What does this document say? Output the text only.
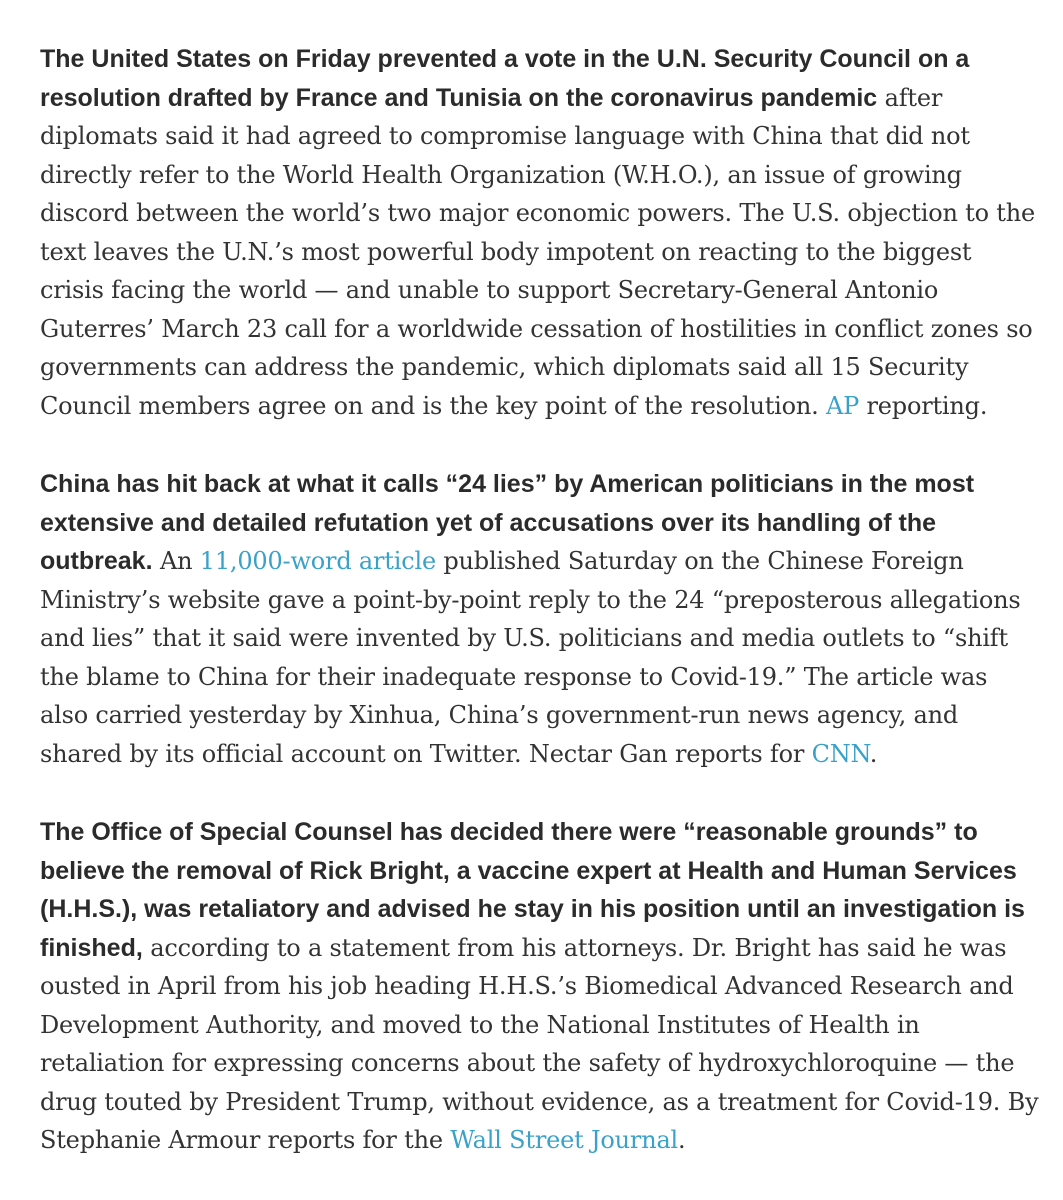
The United States on Friday prevented a vote in the U.N. Security Council on a resolution drafted by France and Tunisia on the coronavirus pandemic after diplomats said it had agreed to compromise language with China that did not directly refer to the World Health Organization (W.H.O.), an issue of growing discord between the world’s two major economic powers. The U.S. objection to the text leaves the U.N.’s most powerful body impotent on reacting to the biggest crisis facing the world — and unable to support Secretary-General Antonio Guterres’ March 23 call for a worldwide cessation of hostilities in conflict zones so governments can address the pandemic, which diplomats said all 15 Security Council members agree on and is the key point of the resolution. AP reporting.

China has hit back at what it calls “24 lies” by American politicians in the most extensive and detailed refutation yet of accusations over its handling of the outbreak. An 11,000-word article published Saturday on the Chinese Foreign Ministry’s website gave a point-by-point reply to the 24 “preposterous allegations and lies” that it said were invented by U.S. politicians and media outlets to “shift the blame to China for their inadequate response to Covid-19.” The article was also carried yesterday by Xinhua, China’s government-run news agency, and shared by its official account on Twitter. Nectar Gan reports for CNN.

The Office of Special Counsel has decided there were “reasonable grounds” to believe the removal of Rick Bright, a vaccine expert at Health and Human Services (H.H.S.), was retaliatory and advised he stay in his position until an investigation is finished, according to a statement from his attorneys. Dr. Bright has said he was ousted in April from his job heading H.H.S.’s Biomedical Advanced Research and Development Authority, and moved to the National Institutes of Health in retaliation for expressing concerns about the safety of hydroxychloroquine — the drug touted by President Trump, without evidence, as a treatment for Covid-19. By Stephanie Armour reports for the Wall Street Journal.
